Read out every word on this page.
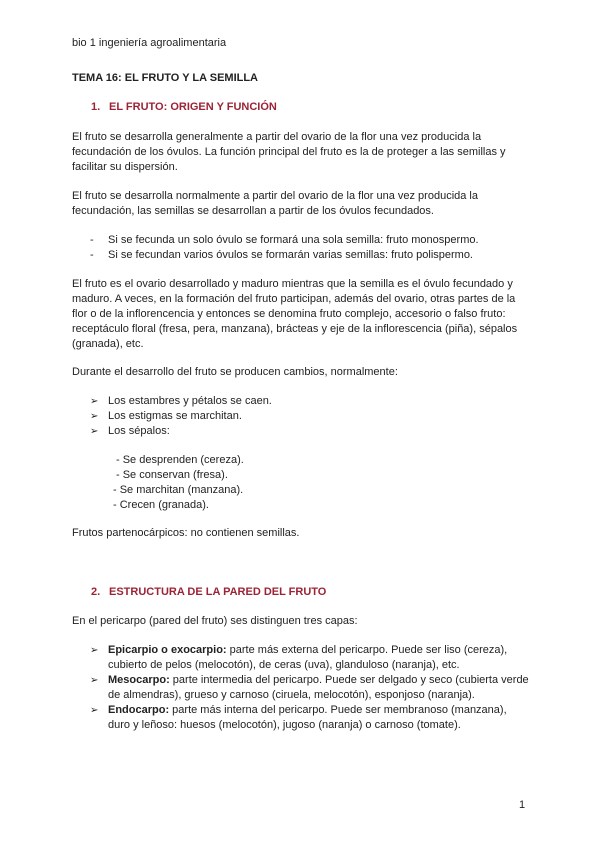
bio 1 ingeniería agroalimentaria
TEMA 16: EL FRUTO Y LA SEMILLA
1. EL FRUTO: ORIGEN Y FUNCIÓN
El fruto se desarrolla generalmente a partir del ovario de la flor una vez producida la fecundación de los óvulos. La función principal del fruto es la de proteger a las semillas y facilitar su dispersión.
El fruto se desarrolla normalmente a partir del ovario de la flor una vez producida la fecundación, las semillas se desarrollan a partir de los óvulos fecundados.
- Si se fecunda un solo óvulo se formará una sola semilla: fruto monospermo.
- Si se fecundan varios óvulos se formarán varias semillas: fruto polispermo.
El fruto es el ovario desarrollado y maduro mientras que la semilla es el óvulo fecundado y maduro. A veces, en la formación del fruto participan, además del ovario, otras partes de la flor o de la inflorencencia y entonces se denomina fruto complejo, accesorio o falso fruto: receptáculo floral (fresa, pera, manzana), brácteas y eje de la inflorescencia (piña), sépalos (granada), etc.
Durante el desarrollo del fruto se producen cambios, normalmente:
➢ Los estambres y pétalos se caen.
➢ Los estigmas se marchitan.
➢ Los sépalos:
- Se desprenden (cereza).
- Se conservan (fresa).
- Se marchitan (manzana).
- Crecen (granada).
Frutos partenocárpicos: no contienen semillas.
2. ESTRUCTURA DE LA PARED DEL FRUTO
En el pericarpo (pared del fruto) ses distinguen tres capas:
➢ Epicarpio o exocarpio: parte más externa del pericarpo. Puede ser liso (cereza), cubierto de pelos (melocotón), de ceras (uva), glanduloso (naranja), etc.
➢ Mesocarpo: parte intermedia del pericarpo. Puede ser delgado y seco (cubierta verde de almendras), grueso y carnoso (ciruela, melocotón), esponjoso (naranja).
➢ Endocarpo: parte más interna del pericarpo. Puede ser membranoso (manzana), duro y leñoso: huesos (melocotón), jugoso (naranja) o carnoso (tomate).
1
